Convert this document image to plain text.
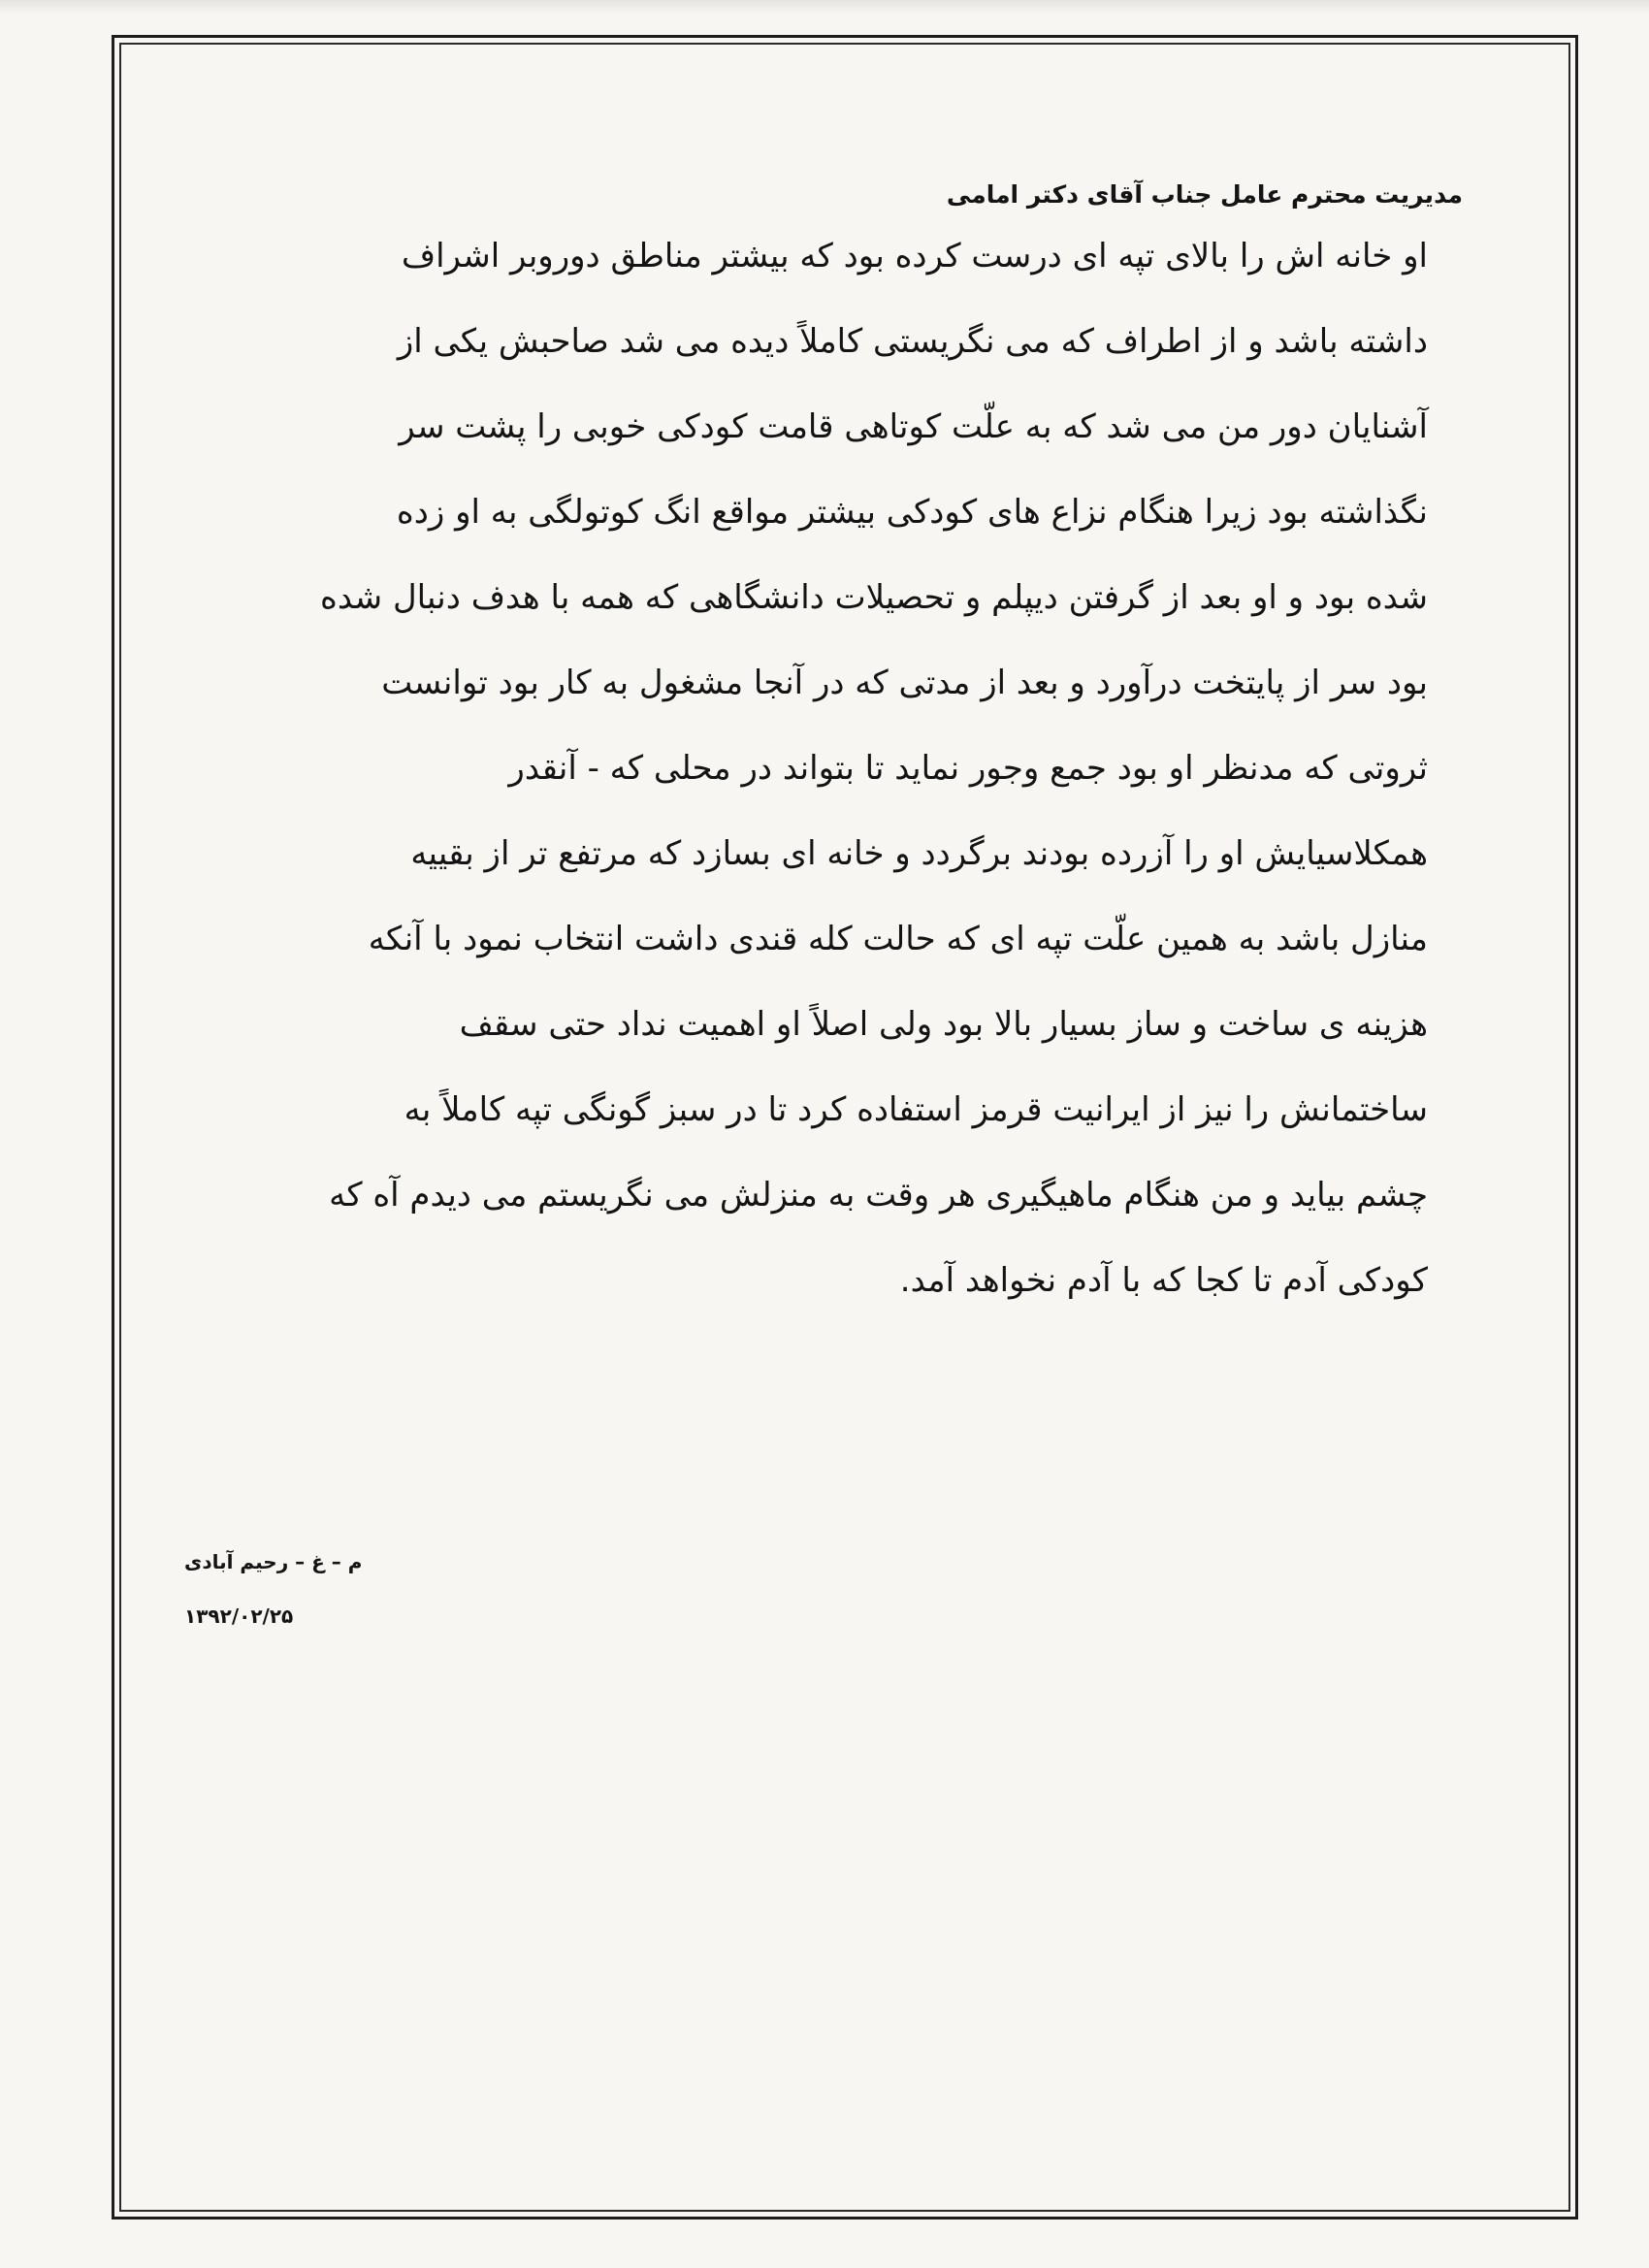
مدیریت محترم عامل جناب آقای دکتر امامی
او خانه اش را بالای تپه ای درست کرده بود که بیشتر مناطق دوروبر اشراف
داشته باشد و از اطراف که می نگریستی کاملاً دیده می شد صاحبش یکی از
آشنایان دور من می شد که به علّت کوتاهی قامت کودکی خوبی را پشت سر
نگذاشته بود زیرا هنگام نزاع های کودکی بیشتر مواقع انگ کوتولگی به او زده
شده بود و او بعد از گرفتن دیپلم و تحصیلات دانشگاهی که همه با هدف دنبال شده
بود سر از پایتخت درآورد و بعد از مدتی که در آنجا مشغول به کار بود توانست
ثروتی که مدنظر او بود جمع وجور نماید تا بتواند در محلی که - آنقدر
همکلاسیایش او را آزرده بودند برگردد و خانه ای بسازد که مرتفع تر از بقییه
منازل باشد به همین علّت تپه ای که حالت کله قندی داشت انتخاب نمود با آنکه
هزینه ی ساخت و ساز بسیار بالا بود ولی اصلاً او اهمیت نداد حتی سقف
ساختمانش را نیز از ایرانیت قرمز استفاده کرد تا در سبز گونگی تپه کاملاً به
چشم بیاید و من هنگام ماهیگیری هر وقت به منزلش می نگریستم می دیدم آه که
کودکی آدم تا کجا که با آدم نخواهد آمد.
م – غ – رحیم آبادی
۱۳۹۲/۰۲/۲۵
